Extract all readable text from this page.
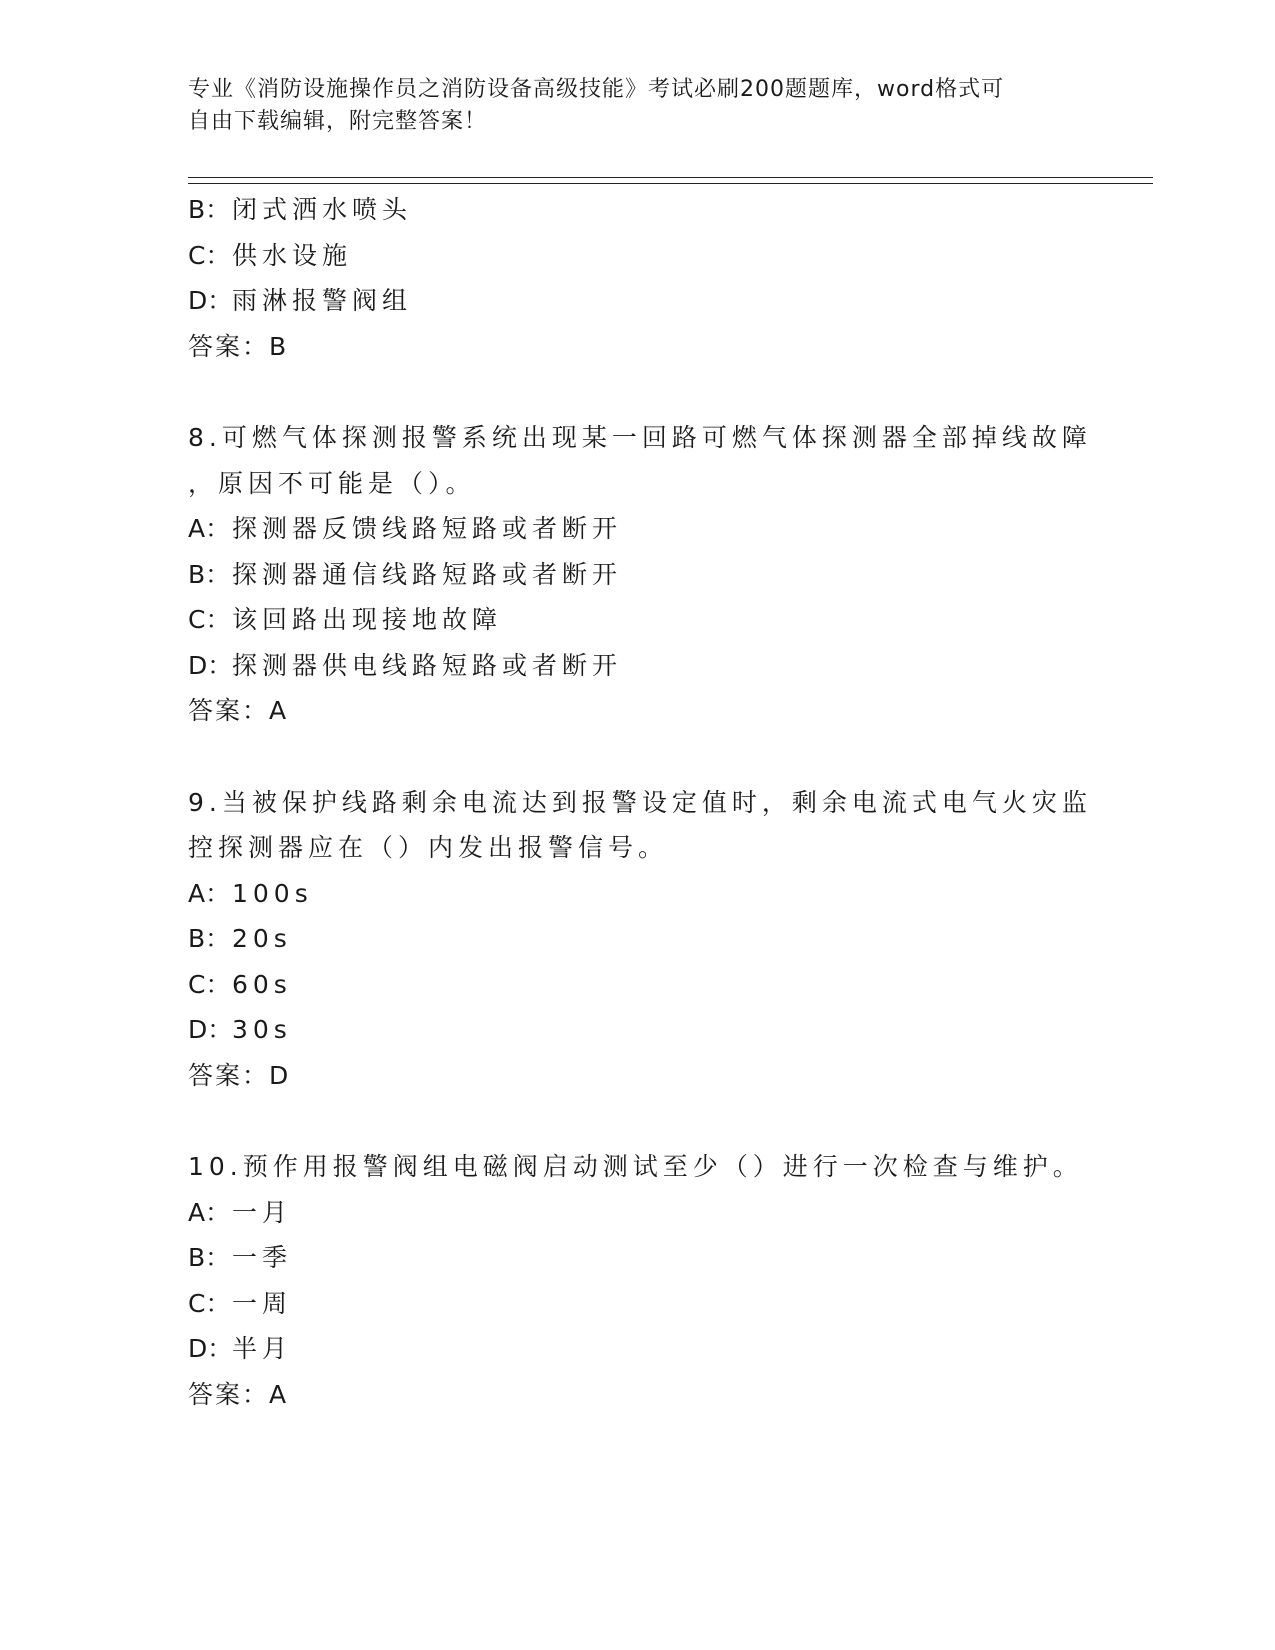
专业《消防设施操作员之消防设备高级技能》考试必刷200题题库，word格式可
自由下载编辑，附完整答案！
B：闭式洒水喷头
C：供水设施
D：雨淋报警阀组
答案：B
8.可燃气体探测报警系统出现某一回路可燃气体探测器全部掉线故障
，原因不可能是（）。
A：探测器反馈线路短路或者断开
B：探测器通信线路短路或者断开
C：该回路出现接地故障
D：探测器供电线路短路或者断开
答案：A
9.当被保护线路剩余电流达到报警设定值时，剩余电流式电气火灾监
控探测器应在（）内发出报警信号。
A：100s
B：20s
C：60s
D：30s
答案：D
10.预作用报警阀组电磁阀启动测试至少（）进行一次检查与维护。
A：一月
B：一季
C：一周
D：半月
答案：A
